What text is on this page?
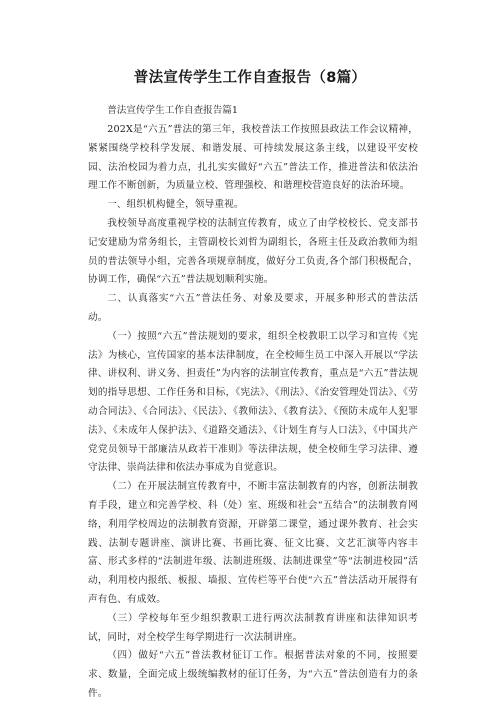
普法宣传学生工作自查报告（8篇）

普法宣传学生工作自查报告篇1

202X是“六五”普法的第三年，我校普法工作按照县政法工作会议精神，紧紧围绕学校科学发展、和谐发展、可持续发展这条主线，以建设平安校园、法治校园为着力点，扎扎实实做好“六五”普法工作，推进普法和依法治理工作不断创新，为质量立校、管理强校、和谐理校营造良好的法治环境。

一、组织机构健全，领导重视。

我校领导高度重视学校的法制宣传教育，成立了由学校校长、党支部书记安建励为常务组长，主管副校长刘哲为副组长，各班主任及政治教师为组员的普法领导小组，完善各项规章制度，做好分工负责,各个部门积极配合，协调工作，确保“六五”普法规划顺利实施。

二、认真落实“六五”普法任务、对象及要求，开展多种形式的普法活动。

（一）按照“六五”普法规划的要求，组织全校教职工以学习和宣传《宪法》为核心，宣传国家的基本法律制度，在全校师生员工中深入开展以“学法律、讲权利、讲义务、担责任”为内容的法制宣传教育，重点是“六五”普法规划的指导思想、工作任务和目标，《宪法》、《刑法》、《治安管理处罚法》、《劳动合同法》、《合同法》、《民法》、《教师法》、《教育法》、《预防未成年人犯罪法》、《未成年人保护法》、《道路交通法》、《计划生育与人口法》、《中国共产党党员领导干部廉洁从政若干准则》等法律法规，使全校师生学习法律、遵守法律、崇尚法律和依法办事成为自觉意识。

（二）在开展法制宣传教育中，不断丰富法制教育的内容，创新法制教育手段，建立和完善学校、科（处）室、班级和社会“五结合”的法制教育网络，利用学校周边的法制教育资源，开辟第二课堂，通过课外教育、社会实践、法制专题讲座、演讲比赛、书画比赛、征文比赛、文艺汇演等内容丰富、形式多样的“法制进年级、法制进班级、法制进课堂”等“法制进校园”活动，利用校内报纸、板报、墙报、宣传栏等平台使“六五”普法活动开展得有声有色、有成效。

（三）学校每年至少组织教职工进行两次法制教育讲座和法律知识考试，同时，对全校学生每学期进行一次法制讲座。

（四）做好“六五”普法教材征订工作。根据普法对象的不同，按照要求、数量，全面完成上级统编教材的征订任务，为“六五”普法创造有力的条件。
